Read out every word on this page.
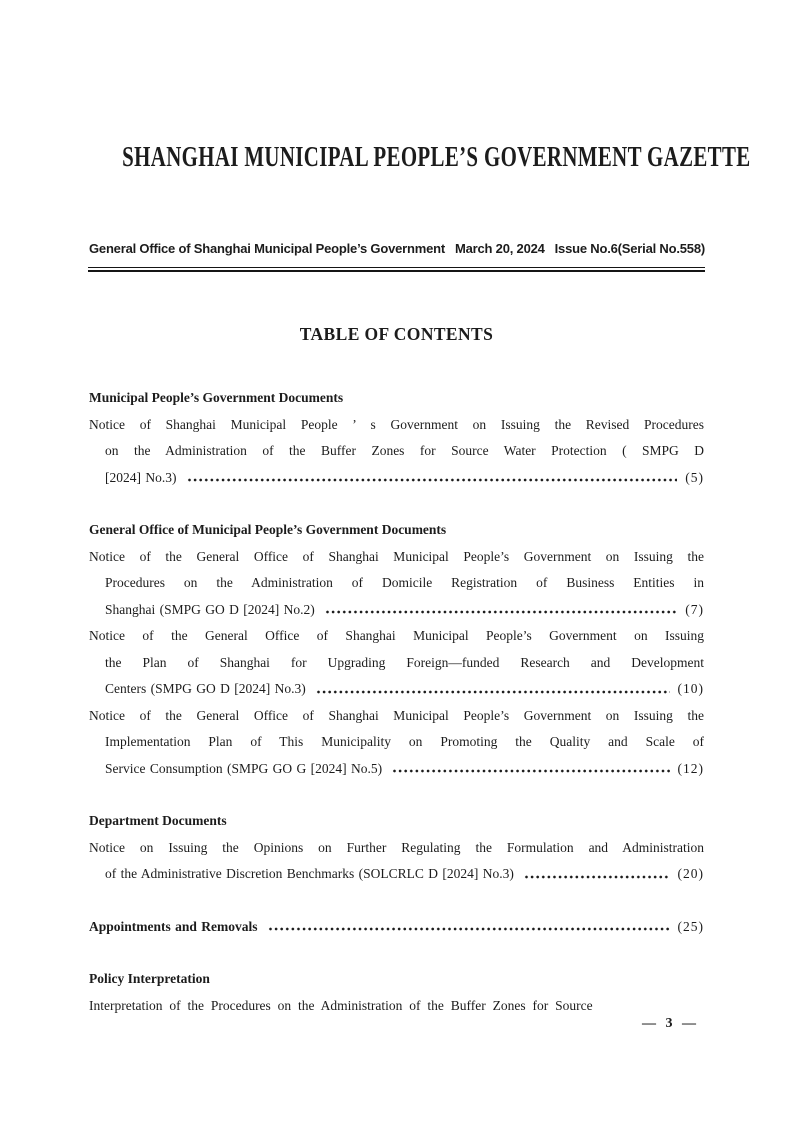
SHANGHAI MUNICIPAL PEOPLE’S GOVERNMENT GAZETTE
General Office of Shanghai Municipal People’s Government March 20, 2024 Issue No.6(Serial No.558)
TABLE OF CONTENTS
Municipal People’s Government Documents
Notice of Shanghai Municipal People ’ s Government on Issuing the Revised Procedures
on the Administration of the Buffer Zones for Source Water Protection ( SMPG D
[2024] No.3)	(5)
General Office of Municipal People’s Government Documents
Notice of the General Office of Shanghai Municipal People’s Government on Issuing the
Procedures on the Administration of Domicile Registration of Business Entities in
Shanghai (SMPG GO D [2024] No.2)	(7)
Notice of the General Office of Shanghai Municipal People’s Government on Issuing
the Plan of Shanghai for Upgrading Foreign—funded Research and Development
Centers (SMPG GO D [2024] No.3)	(10)
Notice of the General Office of Shanghai Municipal People’s Government on Issuing the
Implementation Plan of This Municipality on Promoting the Quality and Scale of
Service Consumption (SMPG GO G [2024] No.5)	(12)
Department Documents
Notice on Issuing the Opinions on Further Regulating the Formulation and Administration
of the Administrative Discretion Benchmarks (SOLCRLC D [2024] No.3)	(20)
Appointments and Removals	(25)
Policy Interpretation
Interpretation of the Procedures on the Administration of the Buffer Zones for Source
— 3 —
